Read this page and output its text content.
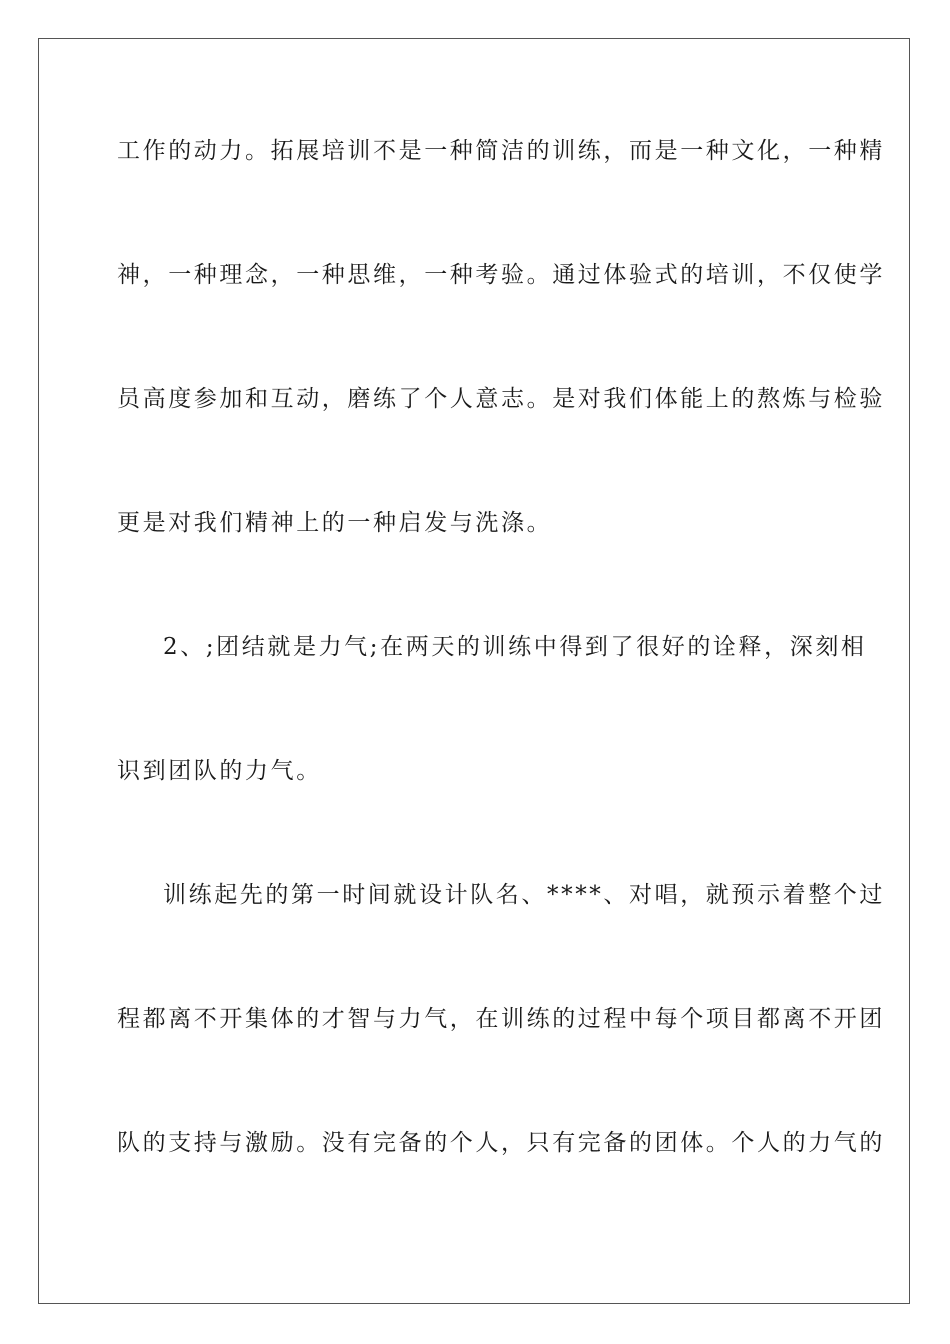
工作的动力。拓展培训不是一种简洁的训练，而是一种文化，一种精
神，一种理念，一种思维，一种考验。通过体验式的培训，不仅使学
员高度参加和互动，磨练了个人意志。是对我们体能上的熬炼与检验
更是对我们精神上的一种启发与洗涤。
2、;团结就是力气;在两天的训练中得到了很好的诠释，深刻相
识到团队的力气。
训练起先的第一时间就设计队名、****、对唱，就预示着整个过
程都离不开集体的才智与力气，在训练的过程中每个项目都离不开团
队的支持与激励。没有完备的个人，只有完备的团体。个人的力气的
